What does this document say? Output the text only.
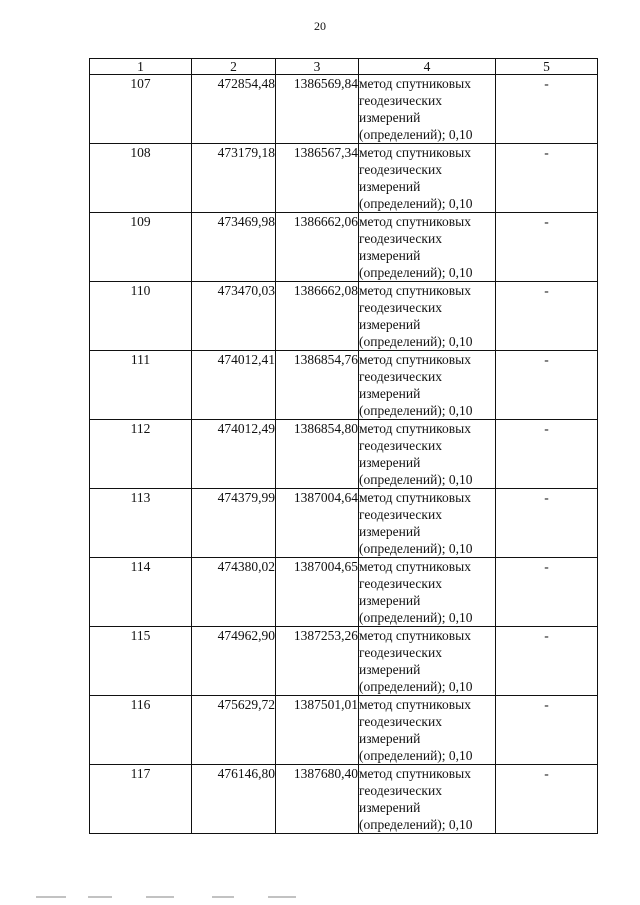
20
1	2	3	4	5
107	472854,48	1386569,84	метод спутниковых
геодезических
измерений
(определений); 0,10	-
108	473179,18	1386567,34	метод спутниковых
геодезических
измерений
(определений); 0,10	-
109	473469,98	1386662,06	метод спутниковых
геодезических
измерений
(определений); 0,10	-
110	473470,03	1386662,08	метод спутниковых
геодезических
измерений
(определений); 0,10	-
111	474012,41	1386854,76	метод спутниковых
геодезических
измерений
(определений); 0,10	-
112	474012,49	1386854,80	метод спутниковых
геодезических
измерений
(определений); 0,10	-
113	474379,99	1387004,64	метод спутниковых
геодезических
измерений
(определений); 0,10	-
114	474380,02	1387004,65	метод спутниковых
геодезических
измерений
(определений); 0,10	-
115	474962,90	1387253,26	метод спутниковых
геодезических
измерений
(определений); 0,10	-
116	475629,72	1387501,01	метод спутниковых
геодезических
измерений
(определений); 0,10	-
117	476146,80	1387680,40	метод спутниковых
геодезических
измерений
(определений); 0,10	-
